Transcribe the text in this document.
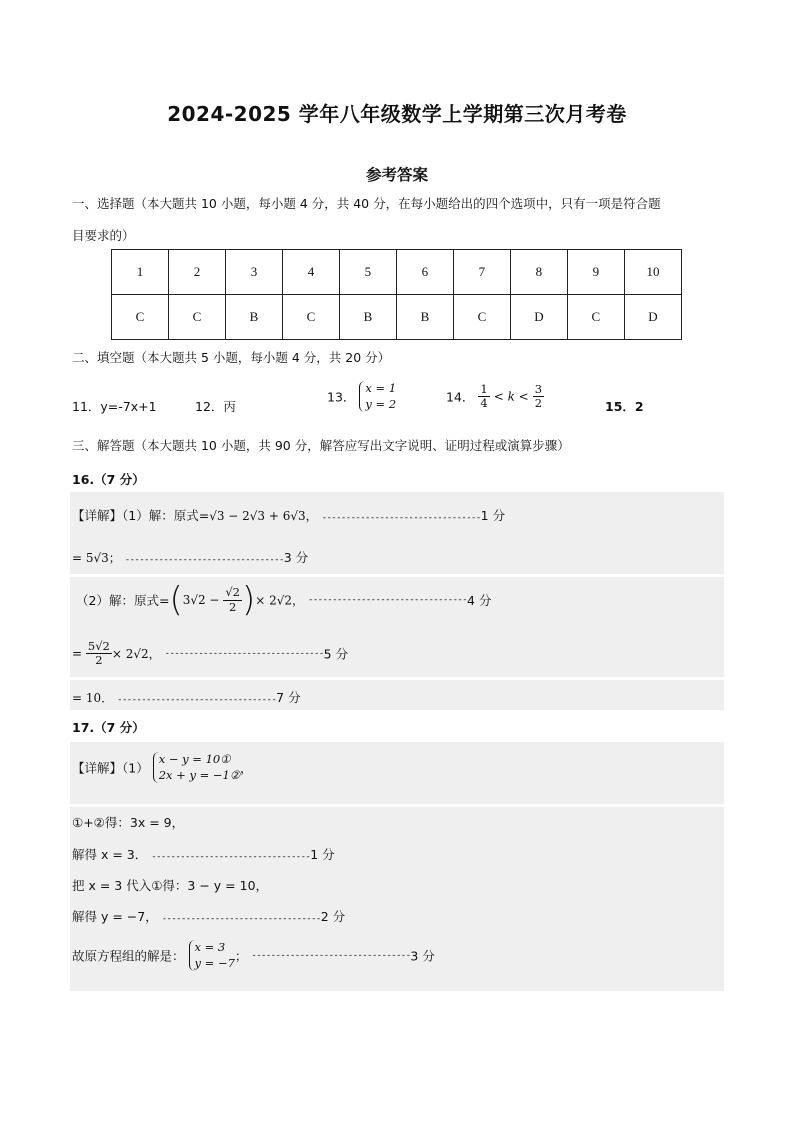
2024-2025 学年八年级数学上学期第三次月考卷
参考答案
一、选择题（本大题共 10 小题，每小题 4 分，共 40 分，在每小题给出的四个选项中，只有一项是符合题
目要求的）
1	2	3	4	5	6	7	8	9	10
C	C	B	C	B	B	C	D	C	D
二、填空题（本大题共 5 小题，每小题 4 分，共 20 分）
11．y=-7x+1	12．丙
13．
x = 1
y = 2	14． $\frac{1}{4} < k < \frac{3}{2}$	15．2
三、解答题（本大题共 10 小题，共 90 分，解答应写出文字说明、证明过程或演算步骤）
16.（7 分）
【详解】（1）解：原式=√3 − 2√3 + 6√3， ---------------------------------1 分
= 5√3； ---------------------------------3 分
（2）解：原式$=(3√2 - \frac{√2}{2}$ )× 2√2， ---------------------------------4 分
= $\frac{5√2}{2} \times 2√2$， ---------------------------------5 分
= 10． ---------------------------------7 分
17.（7 分）
【详解】（1）
x − y = 10①
2x + y = −1② ，
①+②得：3x = 9，
解得 x = 3． ---------------------------------1 分
把 x = 3 代入①得：3 − y = 10，
解得 y = −7， ---------------------------------2 分
故原方程组的解是：
x = 3
y = −7 ； ---------------------------------3 分
